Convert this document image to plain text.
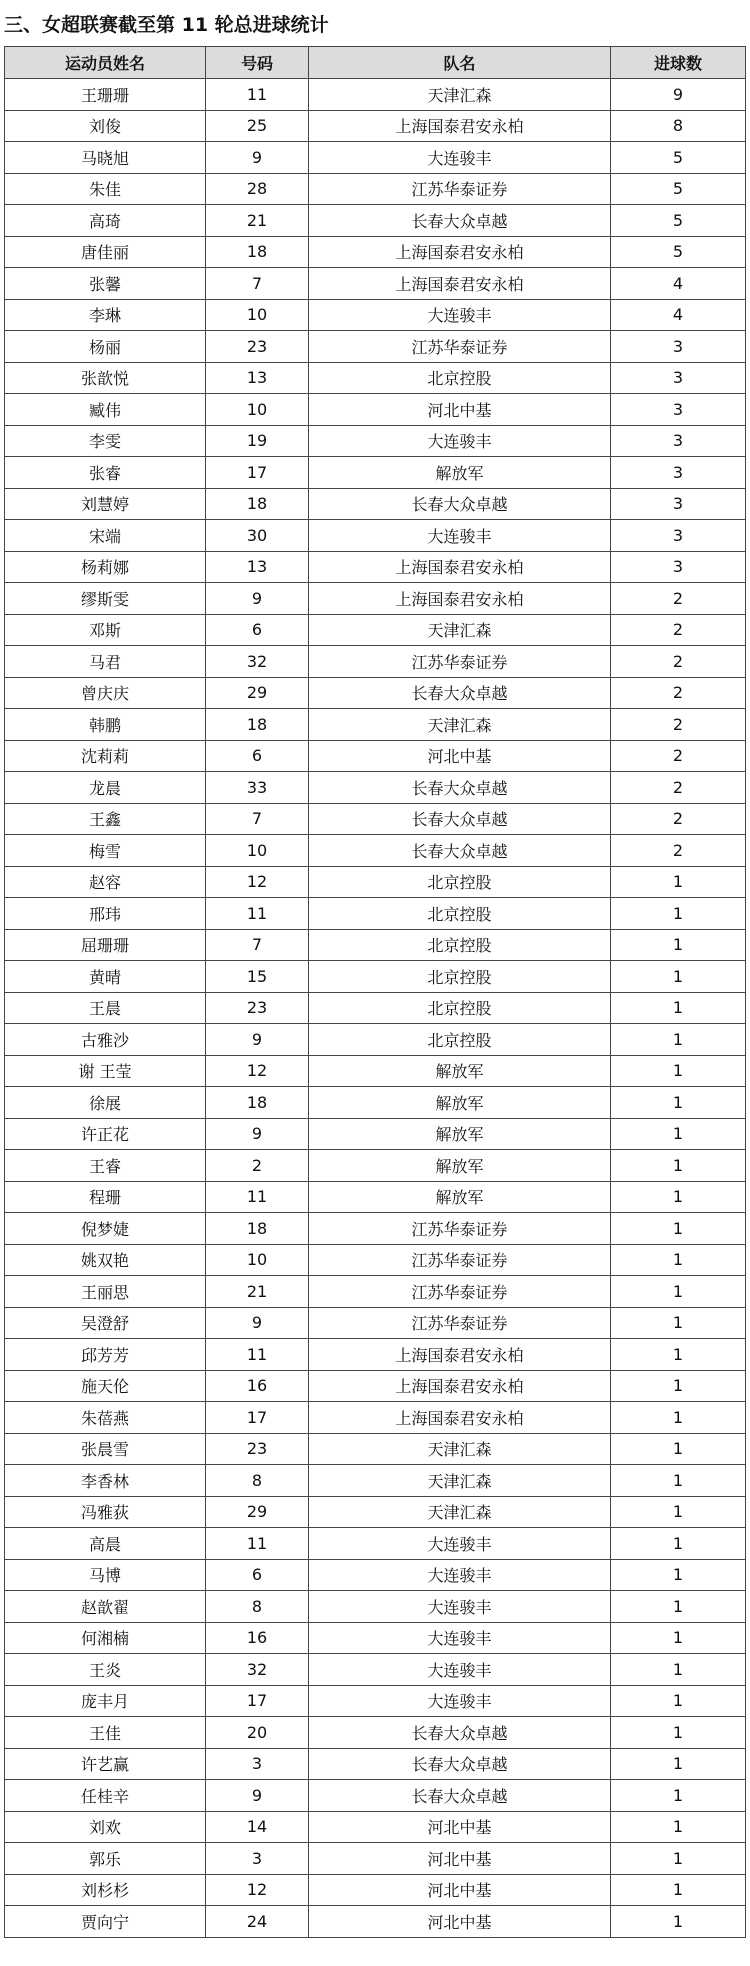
三、女超联赛截至第 11 轮总进球统计
运动员姓名	号码	队名	进球数
王珊珊	11	天津汇森	9
刘俊	25	上海国泰君安永柏	8
马晓旭	9	大连骏丰	5
朱佳	28	江苏华泰证券	5
高琦	21	长春大众卓越	5
唐佳丽	18	上海国泰君安永柏	5
张馨	7	上海国泰君安永柏	4
李琳	10	大连骏丰	4
杨丽	23	江苏华泰证券	3
张歆悦	13	北京控股	3
臧伟	10	河北中基	3
李雯	19	大连骏丰	3
张睿	17	解放军	3
刘慧婷	18	长春大众卓越	3
宋端	30	大连骏丰	3
杨莉娜	13	上海国泰君安永柏	3
缪斯雯	9	上海国泰君安永柏	2
邓斯	6	天津汇森	2
马君	32	江苏华泰证券	2
曾庆庆	29	长春大众卓越	2
韩鹏	18	天津汇森	2
沈莉莉	6	河北中基	2
龙晨	33	长春大众卓越	2
王鑫	7	长春大众卓越	2
梅雪	10	长春大众卓越	2
赵容	12	北京控股	1
邢玮	11	北京控股	1
屈珊珊	7	北京控股	1
黄晴	15	北京控股	1
王晨	23	北京控股	1
古雅沙	9	北京控股	1
谢 王莹	12	解放军	1
徐展	18	解放军	1
许正花	9	解放军	1
王睿	2	解放军	1
程珊	11	解放军	1
倪梦婕	18	江苏华泰证券	1
姚双艳	10	江苏华泰证券	1
王丽思	21	江苏华泰证券	1
吴澄舒	9	江苏华泰证券	1
邱芳芳	11	上海国泰君安永柏	1
施天伦	16	上海国泰君安永柏	1
朱蓓燕	17	上海国泰君安永柏	1
张晨雪	23	天津汇森	1
李香林	8	天津汇森	1
冯雅荻	29	天津汇森	1
高晨	11	大连骏丰	1
马博	6	大连骏丰	1
赵歆翟	8	大连骏丰	1
何湘楠	16	大连骏丰	1
王炎	32	大连骏丰	1
庞丰月	17	大连骏丰	1
王佳	20	长春大众卓越	1
许艺赢	3	长春大众卓越	1
任桂辛	9	长春大众卓越	1
刘欢	14	河北中基	1
郭乐	3	河北中基	1
刘杉杉	12	河北中基	1
贾向宁	24	河北中基	1
